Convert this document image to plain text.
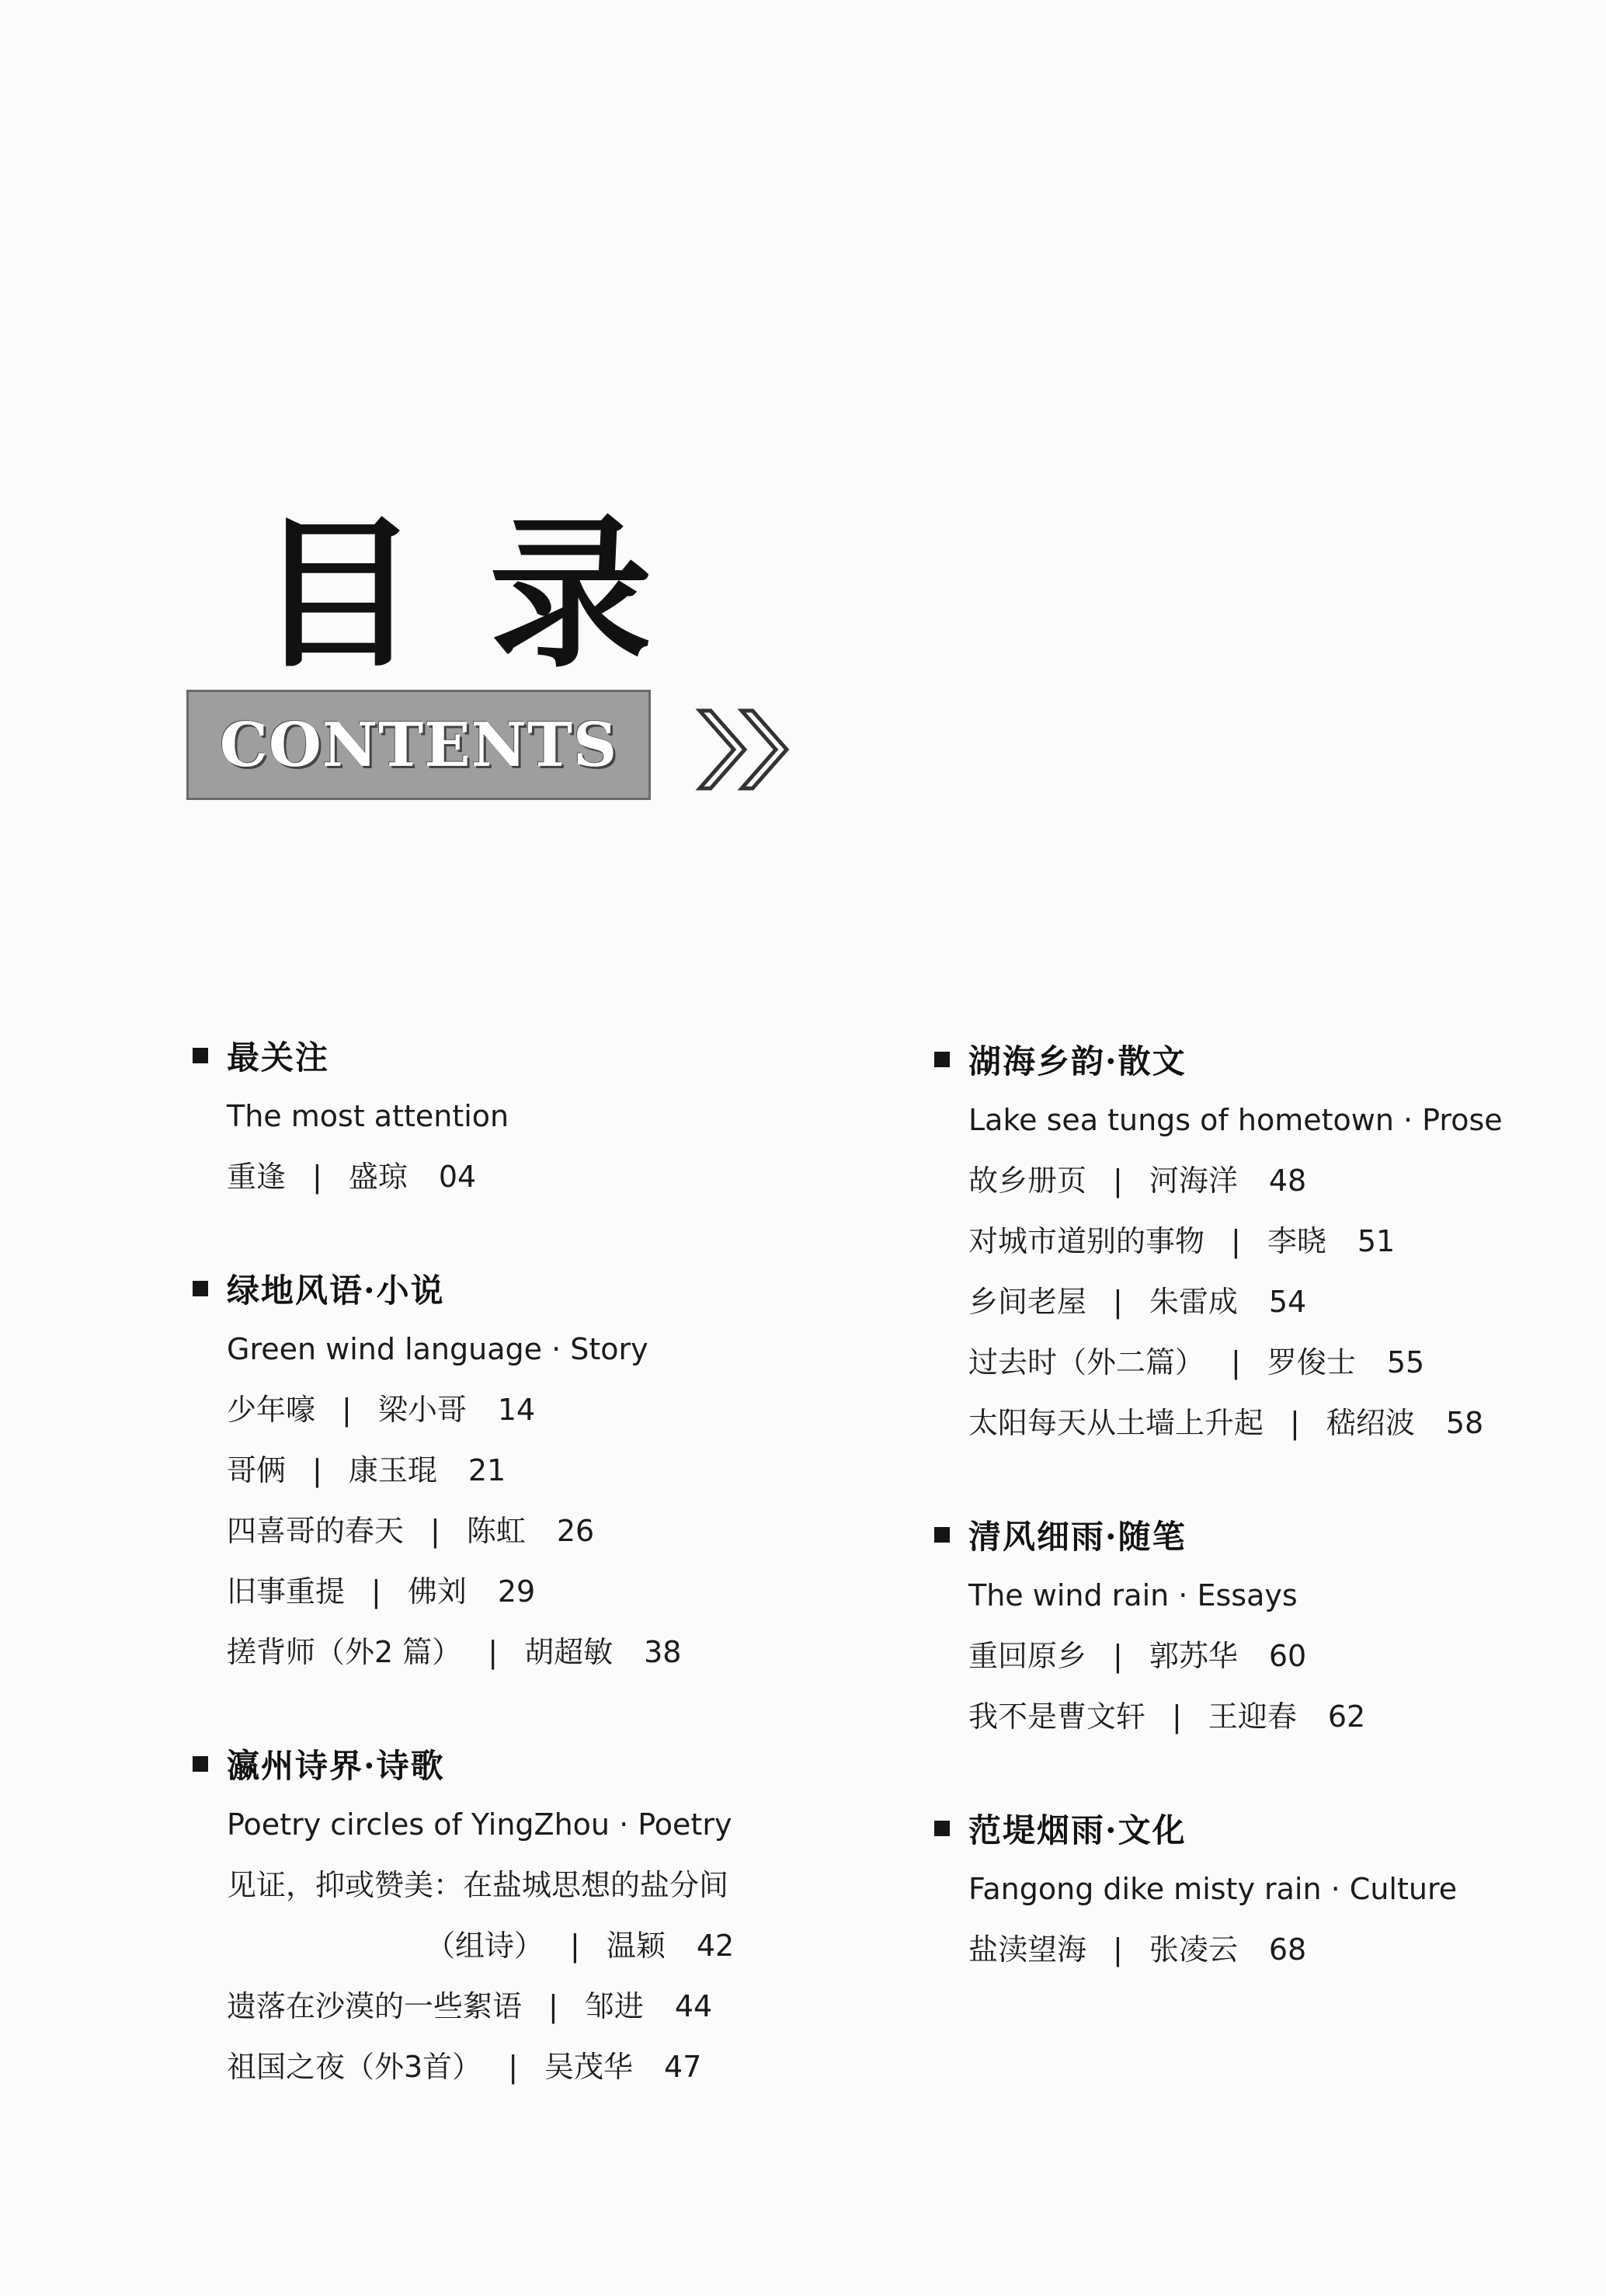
目录
CONTENTS
最关注
The most attention
重逢 | 盛琼 04
绿地风语·小说
Green wind language · Story
少年嚎 | 梁小哥 14
哥俩 | 康玉琨 21
四喜哥的春天 | 陈虹 26
旧事重提 | 佛刘 29
搓背师（外2 篇） | 胡超敏 38
瀛州诗界·诗歌
Poetry circles of YingZhou · Poetry
见证，抑或赞美：在盐城思想的盐分间
（组诗） | 温颖 42
遗落在沙漠的一些絮语 | 邹进 44
祖国之夜（外3首） | 吴茂华 47
湖海乡韵·散文
Lake sea tungs of hometown · Prose
故乡册页 | 河海洋 48
对城市道别的事物 | 李晓 51
乡间老屋 | 朱雷成 54
过去时（外二篇） | 罗俊士 55
太阳每天从土墙上升起 | 嵇绍波 58
清风细雨·随笔
The wind rain · Essays
重回原乡 | 郭苏华 60
我不是曹文轩 | 王迎春 62
范堤烟雨·文化
Fangong dike misty rain · Culture
盐渎望海 | 张凌云 68
